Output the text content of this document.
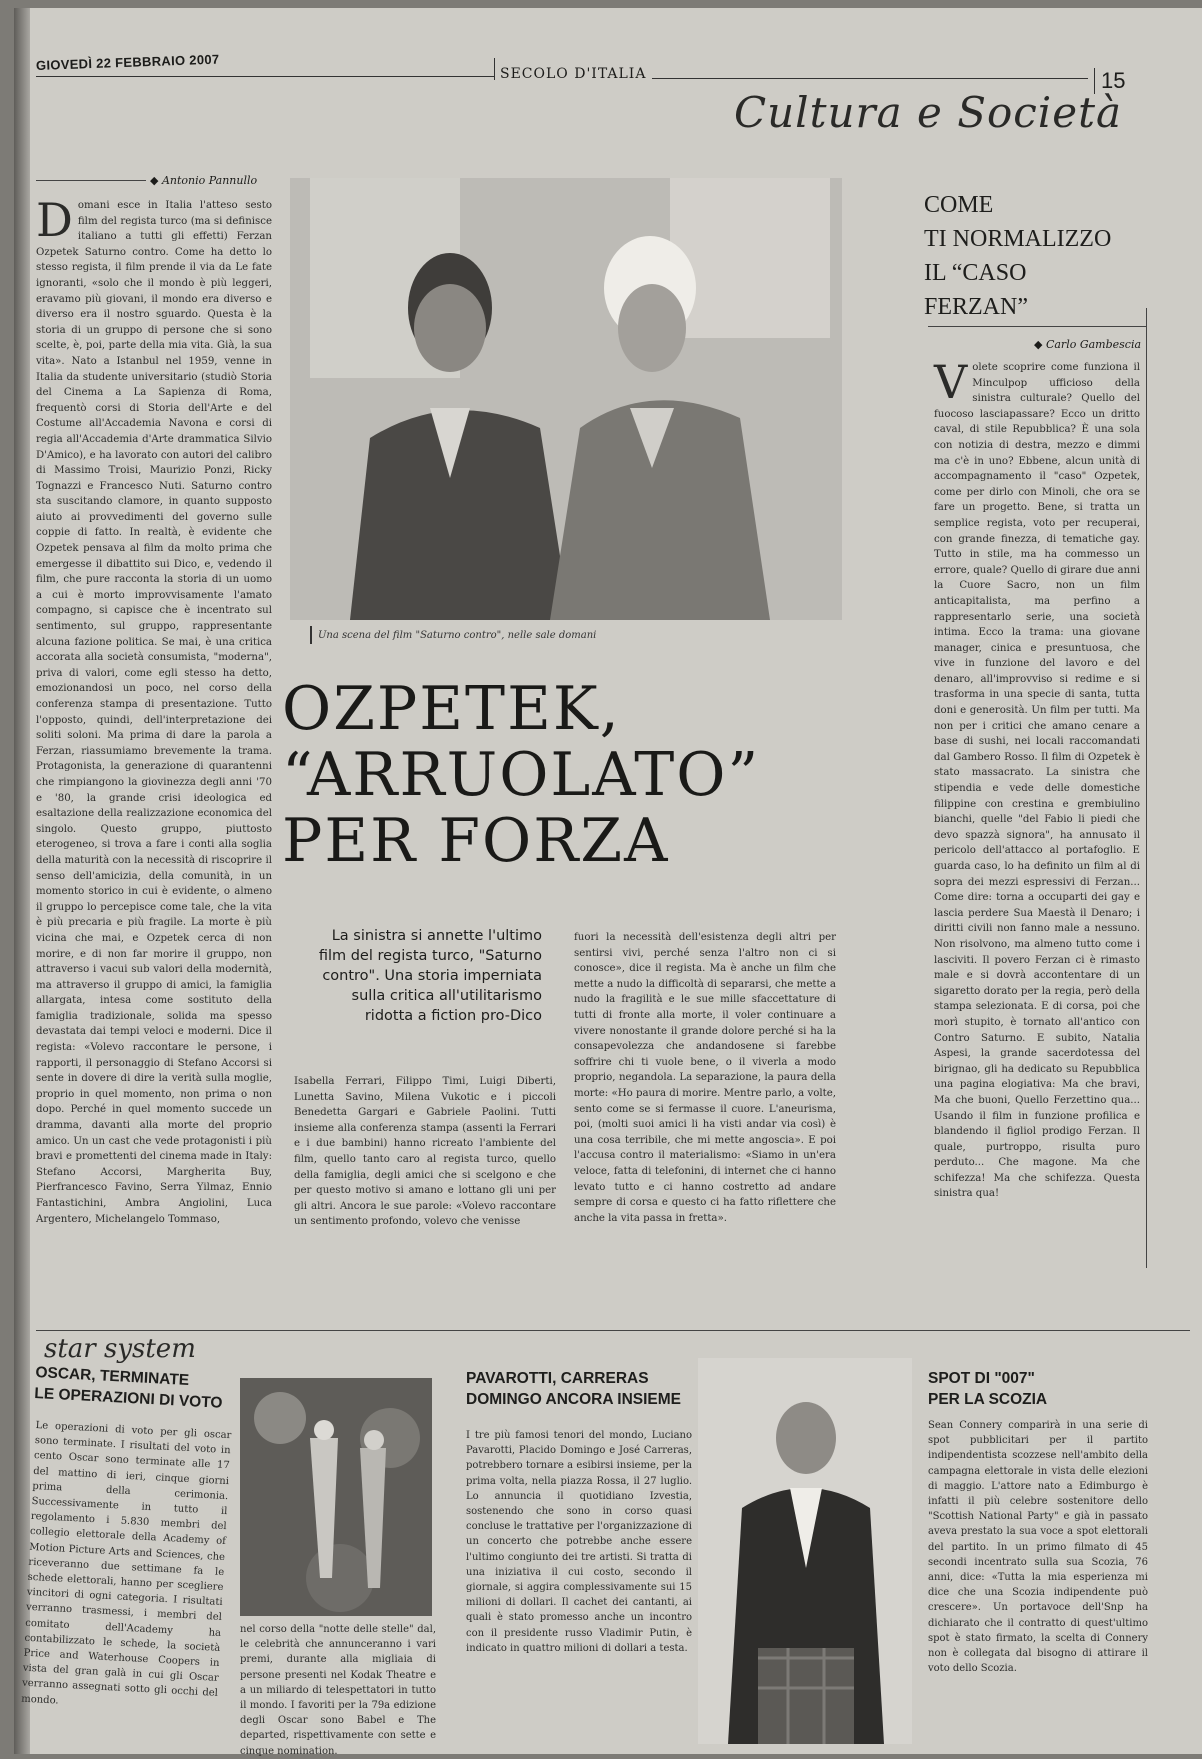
GIOVEDÌ 22 FEBBRAIO 2007
SECOLO D'ITALIA	15
Cultura e Società
◆ Antonio Pannullo
D omani esce in Italia l'atteso sesto film del regista turco (ma si definisce italiano a tutti gli effetti) Ferzan Ozpetek Saturno contro. Come ha detto lo stesso regista, il film prende il via da Le fate ignoranti, «solo che il mondo è più leggeri, eravamo più giovani, il mondo era diverso e diverso era il nostro sguardo. Questa è la storia di un gruppo di persone che si sono scelte, è, poi, parte della mia vita. Già, la sua vita». Nato a Istanbul nel 1959, venne in Italia da studente universitario (studiò Storia del Cinema a La Sapienza di Roma, frequentò corsi di Storia dell'Arte e del Costume all'Accademia Navona e corsi di regia all'Accademia d'Arte drammatica Silvio D'Amico), e ha lavorato con autori del calibro di Massimo Troisi, Maurizio Ponzi, Ricky Tognazzi e Francesco Nuti. Saturno contro sta suscitando clamore, in quanto supposto aiuto ai provvedimenti del governo sulle coppie di fatto. In realtà, è evidente che Ozpetek pensava al film da molto prima che emergesse il dibattito sui Dico, e, vedendo il film, che pure racconta la storia di un uomo a cui è morto improvvisamente l'amato compagno, si capisce che è incentrato sul sentimento, sul gruppo, rappresentante alcuna fazione politica. Se mai, è una critica accorata alla società consumista, "moderna", priva di valori, come egli stesso ha detto, emozionandosi un poco, nel corso della conferenza stampa di presentazione. Tutto l'opposto, quindi, dell'interpretazione dei soliti soloni. Ma prima di dare la parola a Ferzan, riassumiamo brevemente la trama. Protagonista, la generazione di quarantenni che rimpiangono la giovinezza degli anni '70 e '80, la grande crisi ideologica ed esaltazione della realizzazione economica del singolo. Questo gruppo, piuttosto eterogeneo, si trova a fare i conti alla soglia della maturità con la necessità di riscoprire il senso dell'amicizia, della comunità, in un momento storico in cui è evidente, o almeno il gruppo lo percepisce come tale, che la vita è più precaria e più fragile. La morte è più vicina che mai, e Ozpetek cerca di non morire, e di non far morire il gruppo, non attraverso i vacui sub valori della modernità, ma attraverso il gruppo di amici, la famiglia allargata, intesa come sostituto della famiglia tradizionale, solida ma spesso devastata dai tempi veloci e moderni. Dice il regista: «Volevo raccontare le persone, i rapporti, il personaggio di Stefano Accorsi si sente in dovere di dire la verità sulla moglie, proprio in quel momento, non prima o non dopo. Perché in quel momento succede un dramma, davanti alla morte del proprio amico. Un un cast che vede protagonisti i più bravi e promettenti del cinema made in Italy: Stefano Accorsi, Margherita Buy, Pierfrancesco Favino, Serra Yilmaz, Ennio Fantastichini, Ambra Angiolini, Luca Argentero, Michelangelo Tommaso,

Una scena del film "Saturno contro", nelle sale domani
OZPETEK,
“ARRUOLATO”
PER FORZA
La sinistra si annette l'ultimo film del regista turco, "Saturno contro". Una storia imperniata sulla critica all'utilitarismo ridotta a fiction pro-Dico

Isabella Ferrari, Filippo Timi, Luigi Diberti, Lunetta Savino, Milena Vukotic e i piccoli Benedetta Gargari e Gabriele Paolini. Tutti insieme alla conferenza stampa (assenti la Ferrari e i due bambini) hanno ricreato l'ambiente del film, quello tanto caro al regista turco, quello della famiglia, degli amici che si scelgono e che per questo motivo si amano e lottano gli uni per gli altri. Ancora le sue parole: «Volevo raccontare un sentimento profondo, volevo che venisse

fuori la necessità dell'esistenza degli altri per sentirsi vivi, perché senza l'altro non ci si conosce», dice il regista. Ma è anche un film che mette a nudo la difficoltà di separarsi, che mette a nudo la fragilità e le sue mille sfaccettature di tutti di fronte alla morte, il voler continuare a vivere nonostante il grande dolore perché si ha la consapevolezza che andandosene si farebbe soffrire chi ti vuole bene, o il viverla a modo proprio, negandola. La separazione, la paura della morte: «Ho paura di morire. Mentre parlo, a volte, sento come se si fermasse il cuore. L'aneurisma, poi, (molti suoi amici li ha visti andar via così) è una cosa terribile, che mi mette angoscia». E poi l'accusa contro il materialismo: «Siamo in un'era veloce, fatta di telefonini, di internet che ci hanno levato tutto e ci hanno costretto ad andare sempre di corsa e questo ci ha fatto riflettere che anche la vita passa in fretta».

COME
TI NORMALIZZO
IL “CASO
FERZAN”
◆ Carlo Gambescia
V olete scoprire come funziona il Minculpop ufficioso della sinistra culturale? Quello del fuocoso lasciapassare? Ecco un dritto caval, di stile Repubblica? È una sola con notizia di destra, mezzo e dimmi ma c'è in uno? Ebbene, alcun unità di accompagnamento il "caso" Ozpetek, come per dirlo con Minoli, che ora se fare un progetto. Bene, si tratta un semplice regista, voto per recuperai, con grande finezza, di tematiche gay. Tutto in stile, ma ha commesso un errore, quale? Quello di girare due anni la Cuore Sacro, non un film anticapitalista, ma perfino a rappresentarlo serie, una società intima. Ecco la trama: una giovane manager, cinica e presuntuosa, che vive in funzione del lavoro e del denaro, all'improvviso si redime e si trasforma in una specie di santa, tutta doni e generosità. Un film per tutti. Ma non per i critici che amano cenare a base di sushi, nei locali raccomandati dal Gambero Rosso. Il film di Ozpetek è stato massacrato. La sinistra che stipendia e vede delle domestiche filippine con crestina e grembiulino bianchi, quelle "del Fabio li piedi che devo spazzà signora", ha annusato il pericolo dell'attacco al portafoglio. E guarda caso, lo ha definito un film al di sopra dei mezzi espressivi di Ferzan... Come dire: torna a occuparti dei gay e lascia perdere Sua Maestà il Denaro; i diritti civili non fanno male a nessuno. Non risolvono, ma almeno tutto come i lasciviti. Il povero Ferzan ci è rimasto male e si dovrà accontentare di un sigaretto dorato per la regia, però della stampa selezionata. E di corsa, poi che morì stupito, è tornato all'antico con Contro Saturno. E subito, Natalia Aspesi, la grande sacerdotessa del birignao, gli ha dedicato su Repubblica una pagina elogiativa: Ma che bravi, Ma che buoni, Quello Ferzettino qua... Usando il film in funzione profilica e blandendo il figliol prodigo Ferzan. Il quale, purtroppo, risulta puro perduto... Che magone. Ma che schifezza! Ma che schifezza. Questa sinistra qua!

star system
OSCAR, TERMINATE
LE OPERAZIONI DI VOTO

Le operazioni di voto per gli oscar sono terminate. I risultati del voto in cento Oscar sono terminate alle 17 del mattino di ieri, cinque giorni prima della cerimonia. Successivamente in tutto il regolamento i 5.830 membri del collegio elettorale della Academy of Motion Picture Arts and Sciences, che riceveranno due settimane fa le schede elettorali, hanno per scegliere vincitori di ogni categoria. I risultati verranno trasmessi, i membri del comitato dell'Academy ha contabilizzato le schede, la società Price and Waterhouse Coopers in vista del gran galà in cui gli Oscar verranno assegnati sotto gli occhi del mondo.

nel corso della "notte delle stelle" dal, le celebrità che annunceranno i vari premi, durante alla migliaia di persone presenti nel Kodak Theatre e a un miliardo di telespettatori in tutto il mondo. I favoriti per la 79a edizione degli Oscar sono Babel e The departed, rispettivamente con sette e cinque nomination.

PAVAROTTI, CARRERAS
DOMINGO ANCORA INSIEME

I tre più famosi tenori del mondo, Luciano Pavarotti, Placido Domingo e José Carreras, potrebbero tornare a esibirsi insieme, per la prima volta, nella piazza Rossa, il 27 luglio. Lo annuncia il quotidiano Izvestia, sostenendo che sono in corso quasi concluse le trattative per l'organizzazione di un concerto che potrebbe anche essere l'ultimo congiunto dei tre artisti. Si tratta di una iniziativa il cui costo, secondo il giornale, si aggira complessivamente sui 15 milioni di dollari. Il cachet dei cantanti, ai quali è stato promesso anche un incontro con il presidente russo Vladimir Putin, è indicato in quattro milioni di dollari a testa.

SPOT DI "007"
PER LA SCOZIA

Sean Connery comparirà in una serie di spot pubblicitari per il partito indipendentista scozzese nell'ambito della campagna elettorale in vista delle elezioni di maggio. L'attore nato a Edimburgo è infatti il più celebre sostenitore dello "Scottish National Party" e già in passato aveva prestato la sua voce a spot elettorali del partito. In un primo filmato di 45 secondi incentrato sulla sua Scozia, 76 anni, dice: «Tutta la mia esperienza mi dice che una Scozia indipendente può crescere». Un portavoce dell'Snp ha dichiarato che il contratto di quest'ultimo spot è stato firmato, la scelta di Connery non è collegata dal bisogno di attirare il voto dello Scozia.
